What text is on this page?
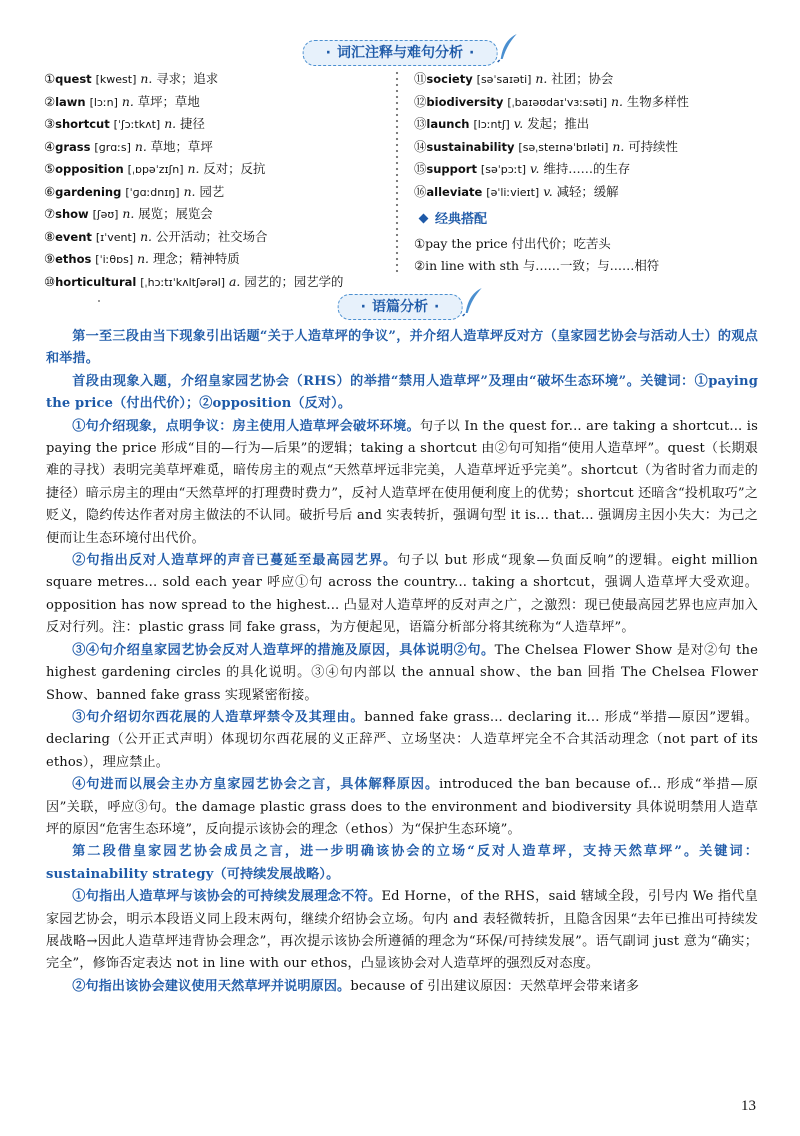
· 词汇注释与难句分析 ·
①quest [kwest] n. 寻求；追求
②lawn [lɔːn] n. 草坪；草地
③shortcut [ˈʃɔːtkʌt] n. 捷径
④grass [ɡrɑːs] n. 草地；草坪
⑤opposition [ˌɒpəˈzɪʃn] n. 反对；反抗
⑥gardening [ˈɡɑːdnɪŋ] n. 园艺
⑦show [ʃəʊ] n. 展览；展览会
⑧event [ɪˈvent] n. 公开活动；社交场合
⑨ethos [ˈiːθɒs] n. 理念；精神特质
⑩horticultural [ˌhɔːtɪˈkʌltʃərəl] a. 园艺的；园艺学的
⑪society [səˈsaɪəti] n. 社团；协会
⑫biodiversity [ˌbaɪəʊdaɪˈvɜːsəti] n. 生物多样性
⑬launch [lɔːntʃ] v. 发起；推出
⑭sustainability [səˌsteɪnəˈbɪləti] n. 可持续性
⑮support [səˈpɔːt] v. 维持……的生存
⑯alleviate [əˈliːvieɪt] v. 减轻；缓解
经典搭配
①pay the price 付出代价；吃苦头
②in line with sth 与……一致；与……相符
· 语篇分析 ·

第一至三段由当下现象引出话题“关于人造草坪的争议”，并介绍人造草坪反对方（皇家园艺协会与活动人士）的观点和举措。

首段由现象入题，介绍皇家园艺协会（RHS）的举措“禁用人造草坪”及理由“破坏生态环境”。关键词：①paying the price（付出代价）；②opposition（反对）。

①句介绍现象，点明争议：房主使用人造草坪会破坏环境。句子以 In the quest for... are taking a shortcut... is paying the price 形成“目的—行为—后果”的逻辑；taking a shortcut 由②句可知指“使用人造草坪”。quest（长期艰难的寻找）表明完美草坪难觅，暗传房主的观点“天然草坪远非完美，人造草坪近乎完美”。shortcut（为省时省力而走的捷径）暗示房主的理由“天然草坪的打理费时费力”，反衬人造草坪在使用便利度上的优势；shortcut 还暗含“投机取巧”之贬义，隐约传达作者对房主做法的不认同。破折号后 and 实表转折，强调句型 it is... that... 强调房主因小失大：为己之便而让生态环境付出代价。

②句指出反对人造草坪的声音已蔓延至最高园艺界。句子以 but 形成“现象—负面反响”的逻辑。eight million square metres... sold each year 呼应①句 across the country... taking a shortcut，强调人造草坪大受欢迎。opposition has now spread to the highest... 凸显对人造草坪的反对声之广，之激烈：现已使最高园艺界也应声加入反对行列。注：plastic grass 同 fake grass，为方便起见，语篇分析部分将其统称为“人造草坪”。

③④句介绍皇家园艺协会反对人造草坪的措施及原因，具体说明②句。The Chelsea Flower Show 是对②句 the highest gardening circles 的具化说明。③④句内部以 the annual show、the ban 回指 The Chelsea Flower Show、banned fake grass 实现紧密衔接。

③句介绍切尔西花展的人造草坪禁令及其理由。banned fake grass... declaring it... 形成“举措—原因”逻辑。declaring（公开正式声明）体现切尔西花展的义正辞严、立场坚决：人造草坪完全不合其活动理念（not part of its ethos），理应禁止。

④句进而以展会主办方皇家园艺协会之言，具体解释原因。introduced the ban because of... 形成“举措—原因”关联，呼应③句。the damage plastic grass does to the environment and biodiversity 具体说明禁用人造草坪的原因“危害生态环境”，反向提示该协会的理念（ethos）为“保护生态环境”。

第二段借皇家园艺协会成员之言，进一步明确该协会的立场“反对人造草坪，支持天然草坪”。关键词：sustainability strategy（可持续发展战略）。

①句指出人造草坪与该协会的可持续发展理念不符。Ed Horne，of the RHS，said 辖域全段，引号内 We 指代皇家园艺协会，明示本段语义同上段末两句，继续介绍协会立场。句内 and 表轻微转折，且隐含因果“去年已推出可持续发展战略→因此人造草坪违背协会理念”，再次提示该协会所遵循的理念为“环保/可持续发展”。语气副词 just 意为“确实；完全”，修饰否定表达 not in line with our ethos，凸显该协会对人造草坪的强烈反对态度。

②句指出该协会建议使用天然草坪并说明原因。because of 引出建议原因：天然草坪会带来诸多

13
